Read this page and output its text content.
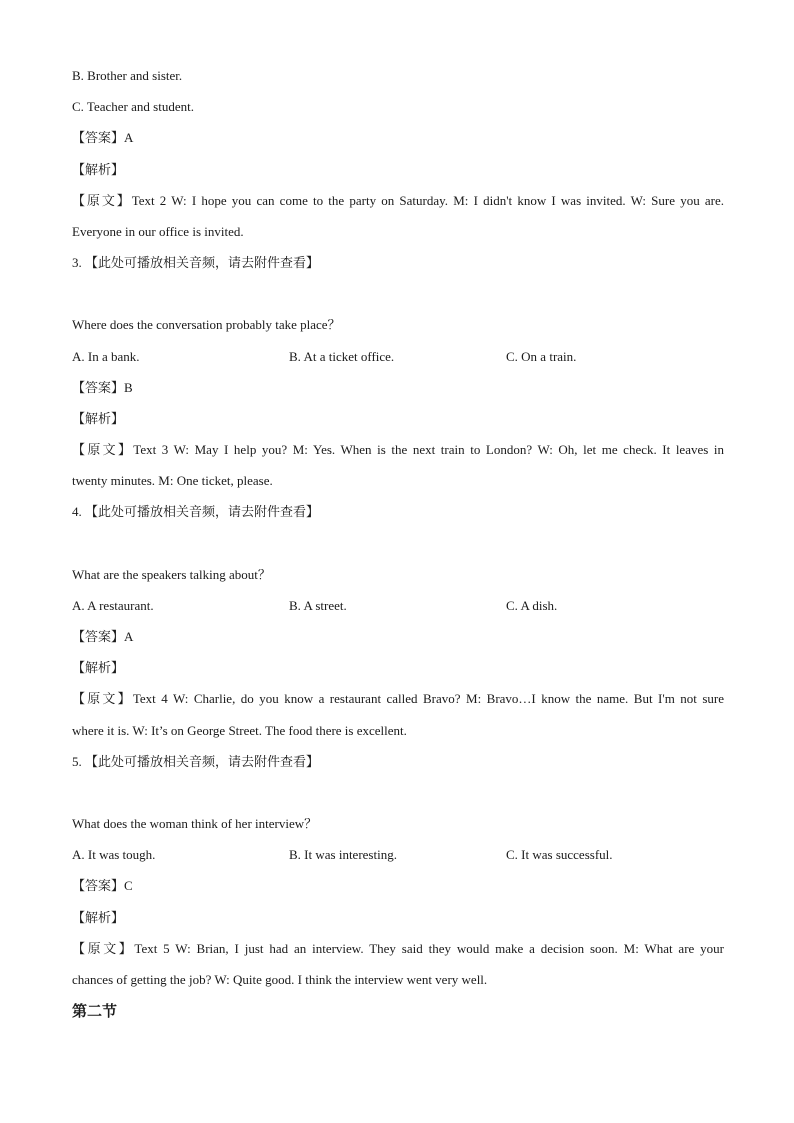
B. Brother and sister.
C. Teacher and student.
【答案】A
【解析】
【原文】Text 2 W: I hope you can come to the party on Saturday. M: I didn't know I was invited. W: Sure you are.
Everyone in our office is invited.
3. 【此处可播放相关音频，请去附件查看】
Where does the conversation probably take place？
A. In a bank.	B. At a ticket office.	C. On a train.
【答案】B
【解析】
【原文】Text 3 W: May I help you? M: Yes. When is the next train to London? W: Oh, let me check. It leaves in
twenty minutes. M: One ticket, please.
4. 【此处可播放相关音频，请去附件查看】
What are the speakers talking about？
A. A restaurant.	B. A street.	C. A dish.
【答案】A
【解析】
【原文】Text 4 W: Charlie, do you know a restaurant called Bravo? M: Bravo…I know the name. But I'm not sure
where it is. W: It’s on George Street. The food there is excellent.
5. 【此处可播放相关音频，请去附件查看】
What does the woman think of her interview？
A. It was tough.	B. It was interesting.	C. It was successful.
【答案】C
【解析】
【原文】Text 5 W: Brian, I just had an interview. They said they would make a decision soon. M: What are your
chances of getting the job? W: Quite good. I think the interview went very well.
第二节
